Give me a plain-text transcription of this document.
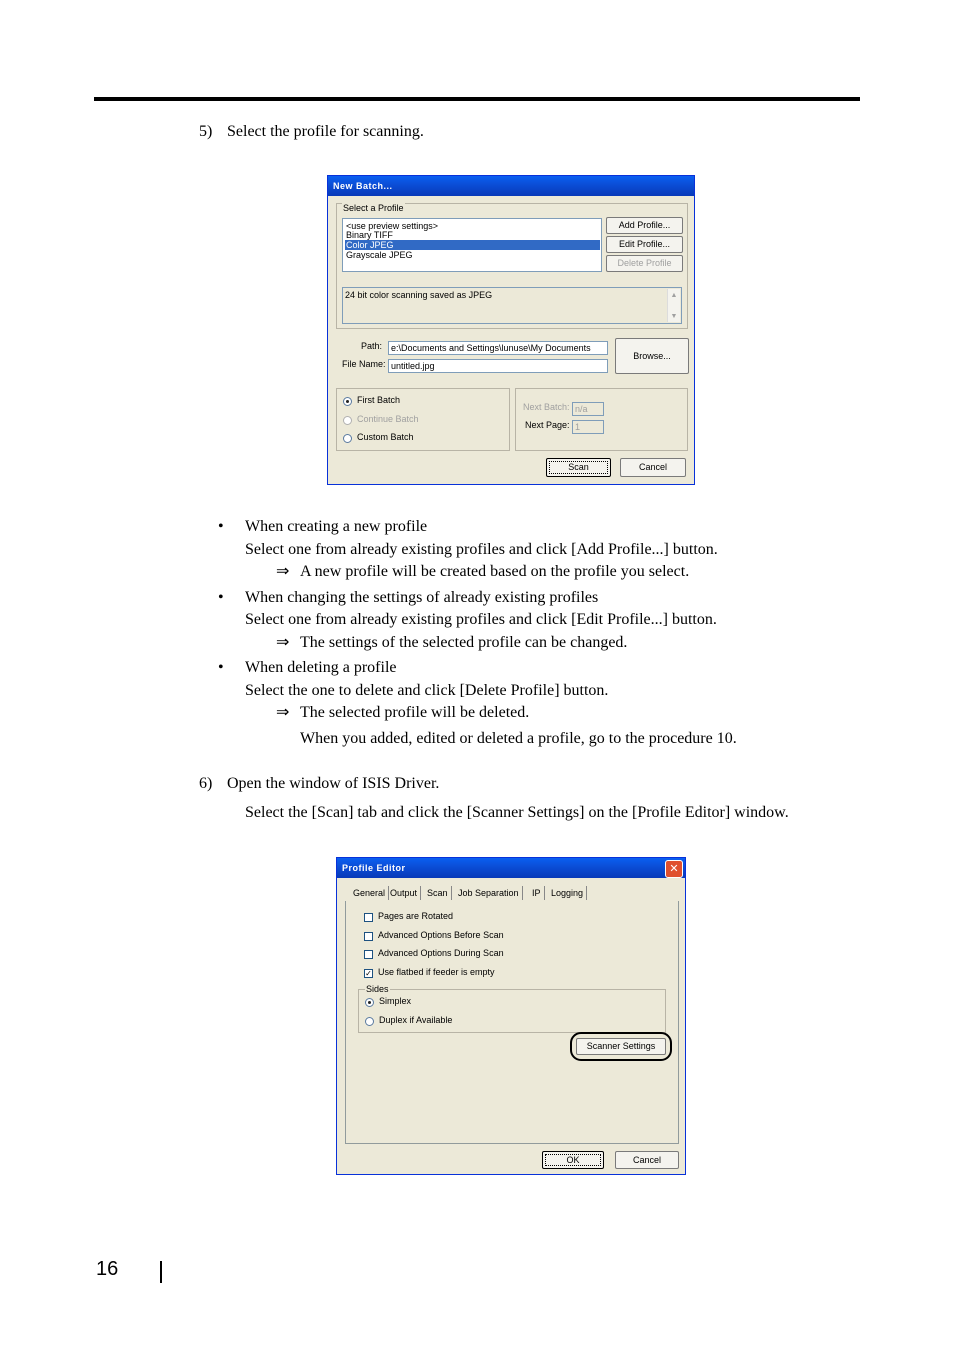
5) Select the profile for scanning.
New Batch...
Select a Profile
<use preview settings>
Binary TIFF
Color JPEG
Grayscale JPEG
Add Profile...
Edit Profile...
Delete Profile
24 bit color scanning saved as JPEG	▲
▼
Path: e:\Documents and Settings\lunuse\My Documents
File Name: untitled.jpg
Browse...
First Batch
Continue Batch
Custom Batch
Next Batch: n/a
Next Page: 1
Scan	Cancel
• When creating a new profile
Select one from already existing profiles and click [Add Profile...] button.
⇒ A new profile will be created based on the profile you select.
• When changing the settings of already existing profiles
Select one from already existing profiles and click [Edit Profile...] button.
⇒ The settings of the selected profile can be changed.
• When deleting a profile
Select the one to delete and click [Delete Profile] button.
⇒ The selected profile will be deleted.
When you added, edited or deleted a profile, go to the procedure 10.
6) Open the window of ISIS Driver.
Select the [Scan] tab and click the [Scanner Settings] on the [Profile Editor] window.
Profile Editor	✕
General Output	Scan	Job Separation	IP	Logging
Pages are Rotated
Advanced Options Before Scan
Advanced Options During Scan
✓ Use flatbed if feeder is empty
Sides
Simplex
Duplex if Available
Scanner Settings
OK	Cancel
16
